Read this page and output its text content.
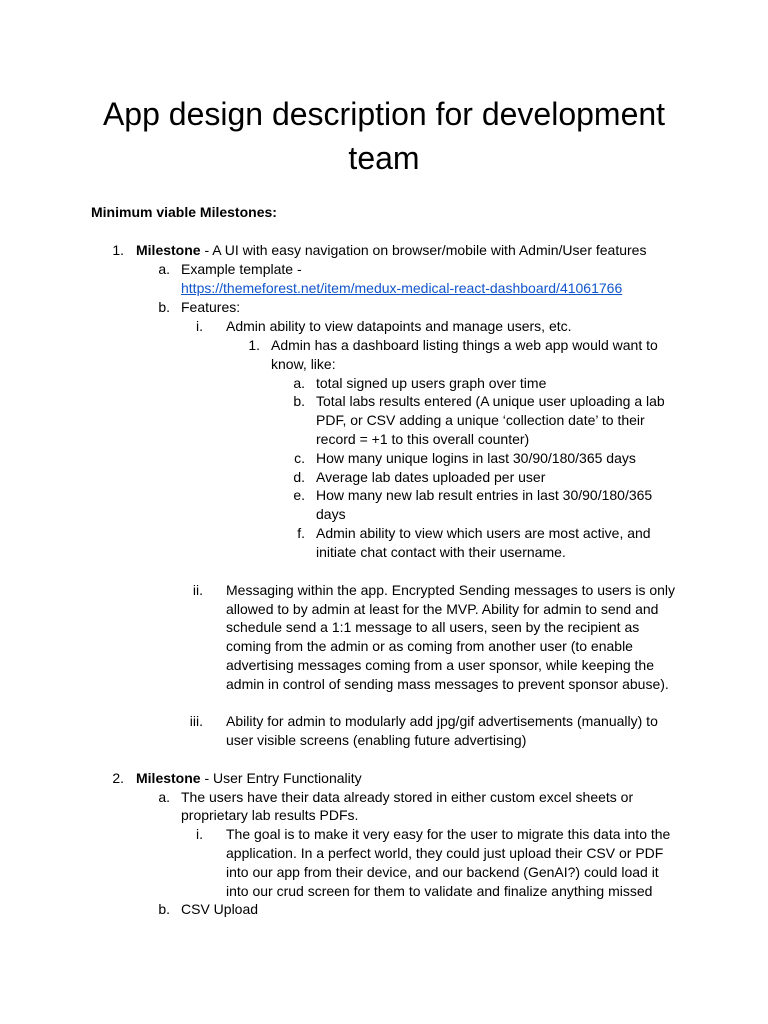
App design description for development
team
Minimum viable Milestones:
1. Milestone - A UI with easy navigation on browser/mobile with Admin/User features
a. Example template -
https://themeforest.net/item/medux-medical-react-dashboard/41061766
b. Features:
i. Admin ability to view datapoints and manage users, etc.
1. Admin has a dashboard listing things a web app would want to
know, like:
a. total signed up users graph over time
b. Total labs results entered (A unique user uploading a lab
PDF, or CSV adding a unique ‘collection date’ to their
record = +1 to this overall counter)
c. How many unique logins in last 30/90/180/365 days
d. Average lab dates uploaded per user
e. How many new lab result entries in last 30/90/180/365
days
f. Admin ability to view which users are most active, and
initiate chat contact with their username.
ii. Messaging within the app. Encrypted Sending messages to users is only
allowed to by admin at least for the MVP. Ability for admin to send and
schedule send a 1:1 message to all users, seen by the recipient as
coming from the admin or as coming from another user (to enable
advertising messages coming from a user sponsor, while keeping the
admin in control of sending mass messages to prevent sponsor abuse).
iii. Ability for admin to modularly add jpg/gif advertisements (manually) to
user visible screens (enabling future advertising)
2. Milestone - User Entry Functionality
a. The users have their data already stored in either custom excel sheets or
proprietary lab results PDFs.
i. The goal is to make it very easy for the user to migrate this data into the
application. In a perfect world, they could just upload their CSV or PDF
into our app from their device, and our backend (GenAI?) could load it
into our crud screen for them to validate and finalize anything missed
b. CSV Upload
